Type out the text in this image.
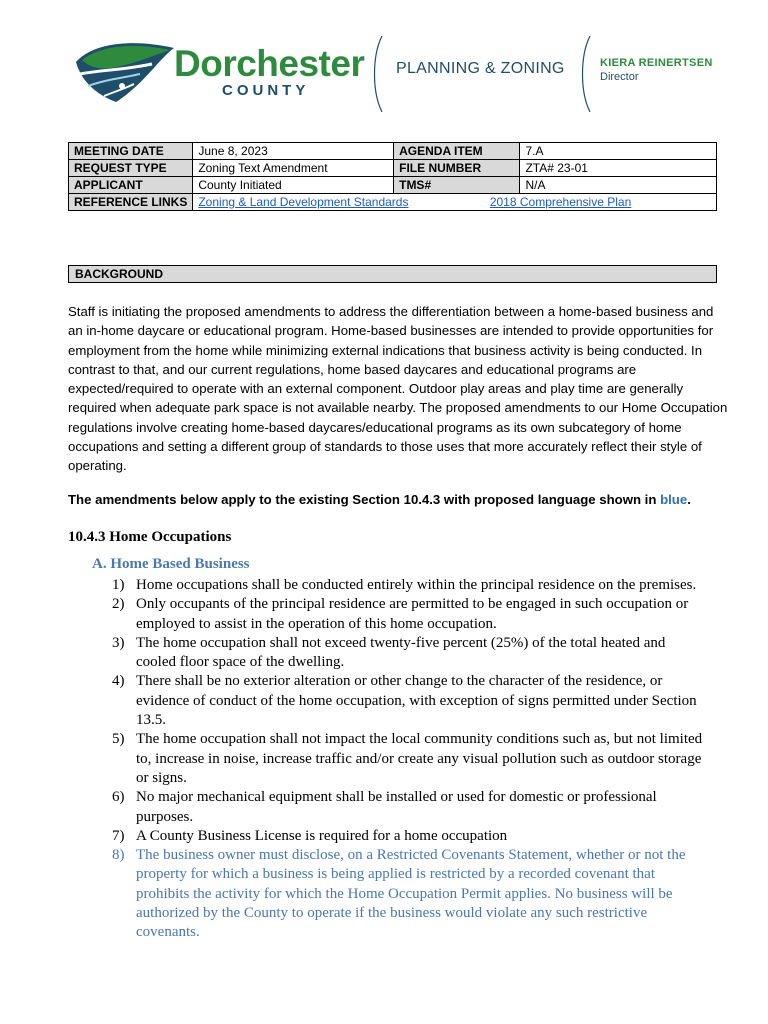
Dorchester
COUNTY
PLANNING & ZONING	KIERA REINERTSEN
Director
MEETING DATE	June 8, 2023	AGENDA ITEM	7.A
REQUEST TYPE	Zoning Text Amendment	FILE NUMBER	ZTA# 23-01
APPLICANT	County Initiated	TMS#	N/A
REFERENCE LINKS	Zoning & Land Development Standards 2018 Comprehensive Plan		
BACKGROUND

Staff is initiating the proposed amendments to address the differentiation between a home-based business and an in-home daycare or educational program. Home-based businesses are intended to provide opportunities for employment from the home while minimizing external indications that business activity is being conducted. In contrast to that, and our current regulations, home based daycares and educational programs are expected/required to operate with an external component. Outdoor play areas and play time are generally required when adequate park space is not available nearby. The proposed amendments to our Home Occupation regulations involve creating home-based daycares/educational programs as its own subcategory of home occupations and setting a different group of standards to those uses that more accurately reflect their style of operating.

The amendments below apply to the existing Section 10.4.3 with proposed language shown in blue.
10.4.3 Home Occupations
A. Home Based Business
1) Home occupations shall be conducted entirely within the principal residence on the premises.
2) Only occupants of the principal residence are permitted to be engaged in such occupation or employed to assist in the operation of this home occupation.
3) The home occupation shall not exceed twenty-five percent (25%) of the total heated and cooled floor space of the dwelling.
4) There shall be no exterior alteration or other change to the character of the residence, or evidence of conduct of the home occupation, with exception of signs permitted under Section 13.5.
5) The home occupation shall not impact the local community conditions such as, but not limited to, increase in noise, increase traffic and/or create any visual pollution such as outdoor storage or signs.
6) No major mechanical equipment shall be installed or used for domestic or professional purposes.
7) A County Business License is required for a home occupation
8) The business owner must disclose, on a Restricted Covenants Statement, whether or not the property for which a business is being applied is restricted by a recorded covenant that prohibits the activity for which the Home Occupation Permit applies. No business will be authorized by the County to operate if the business would violate any such restrictive covenants.
